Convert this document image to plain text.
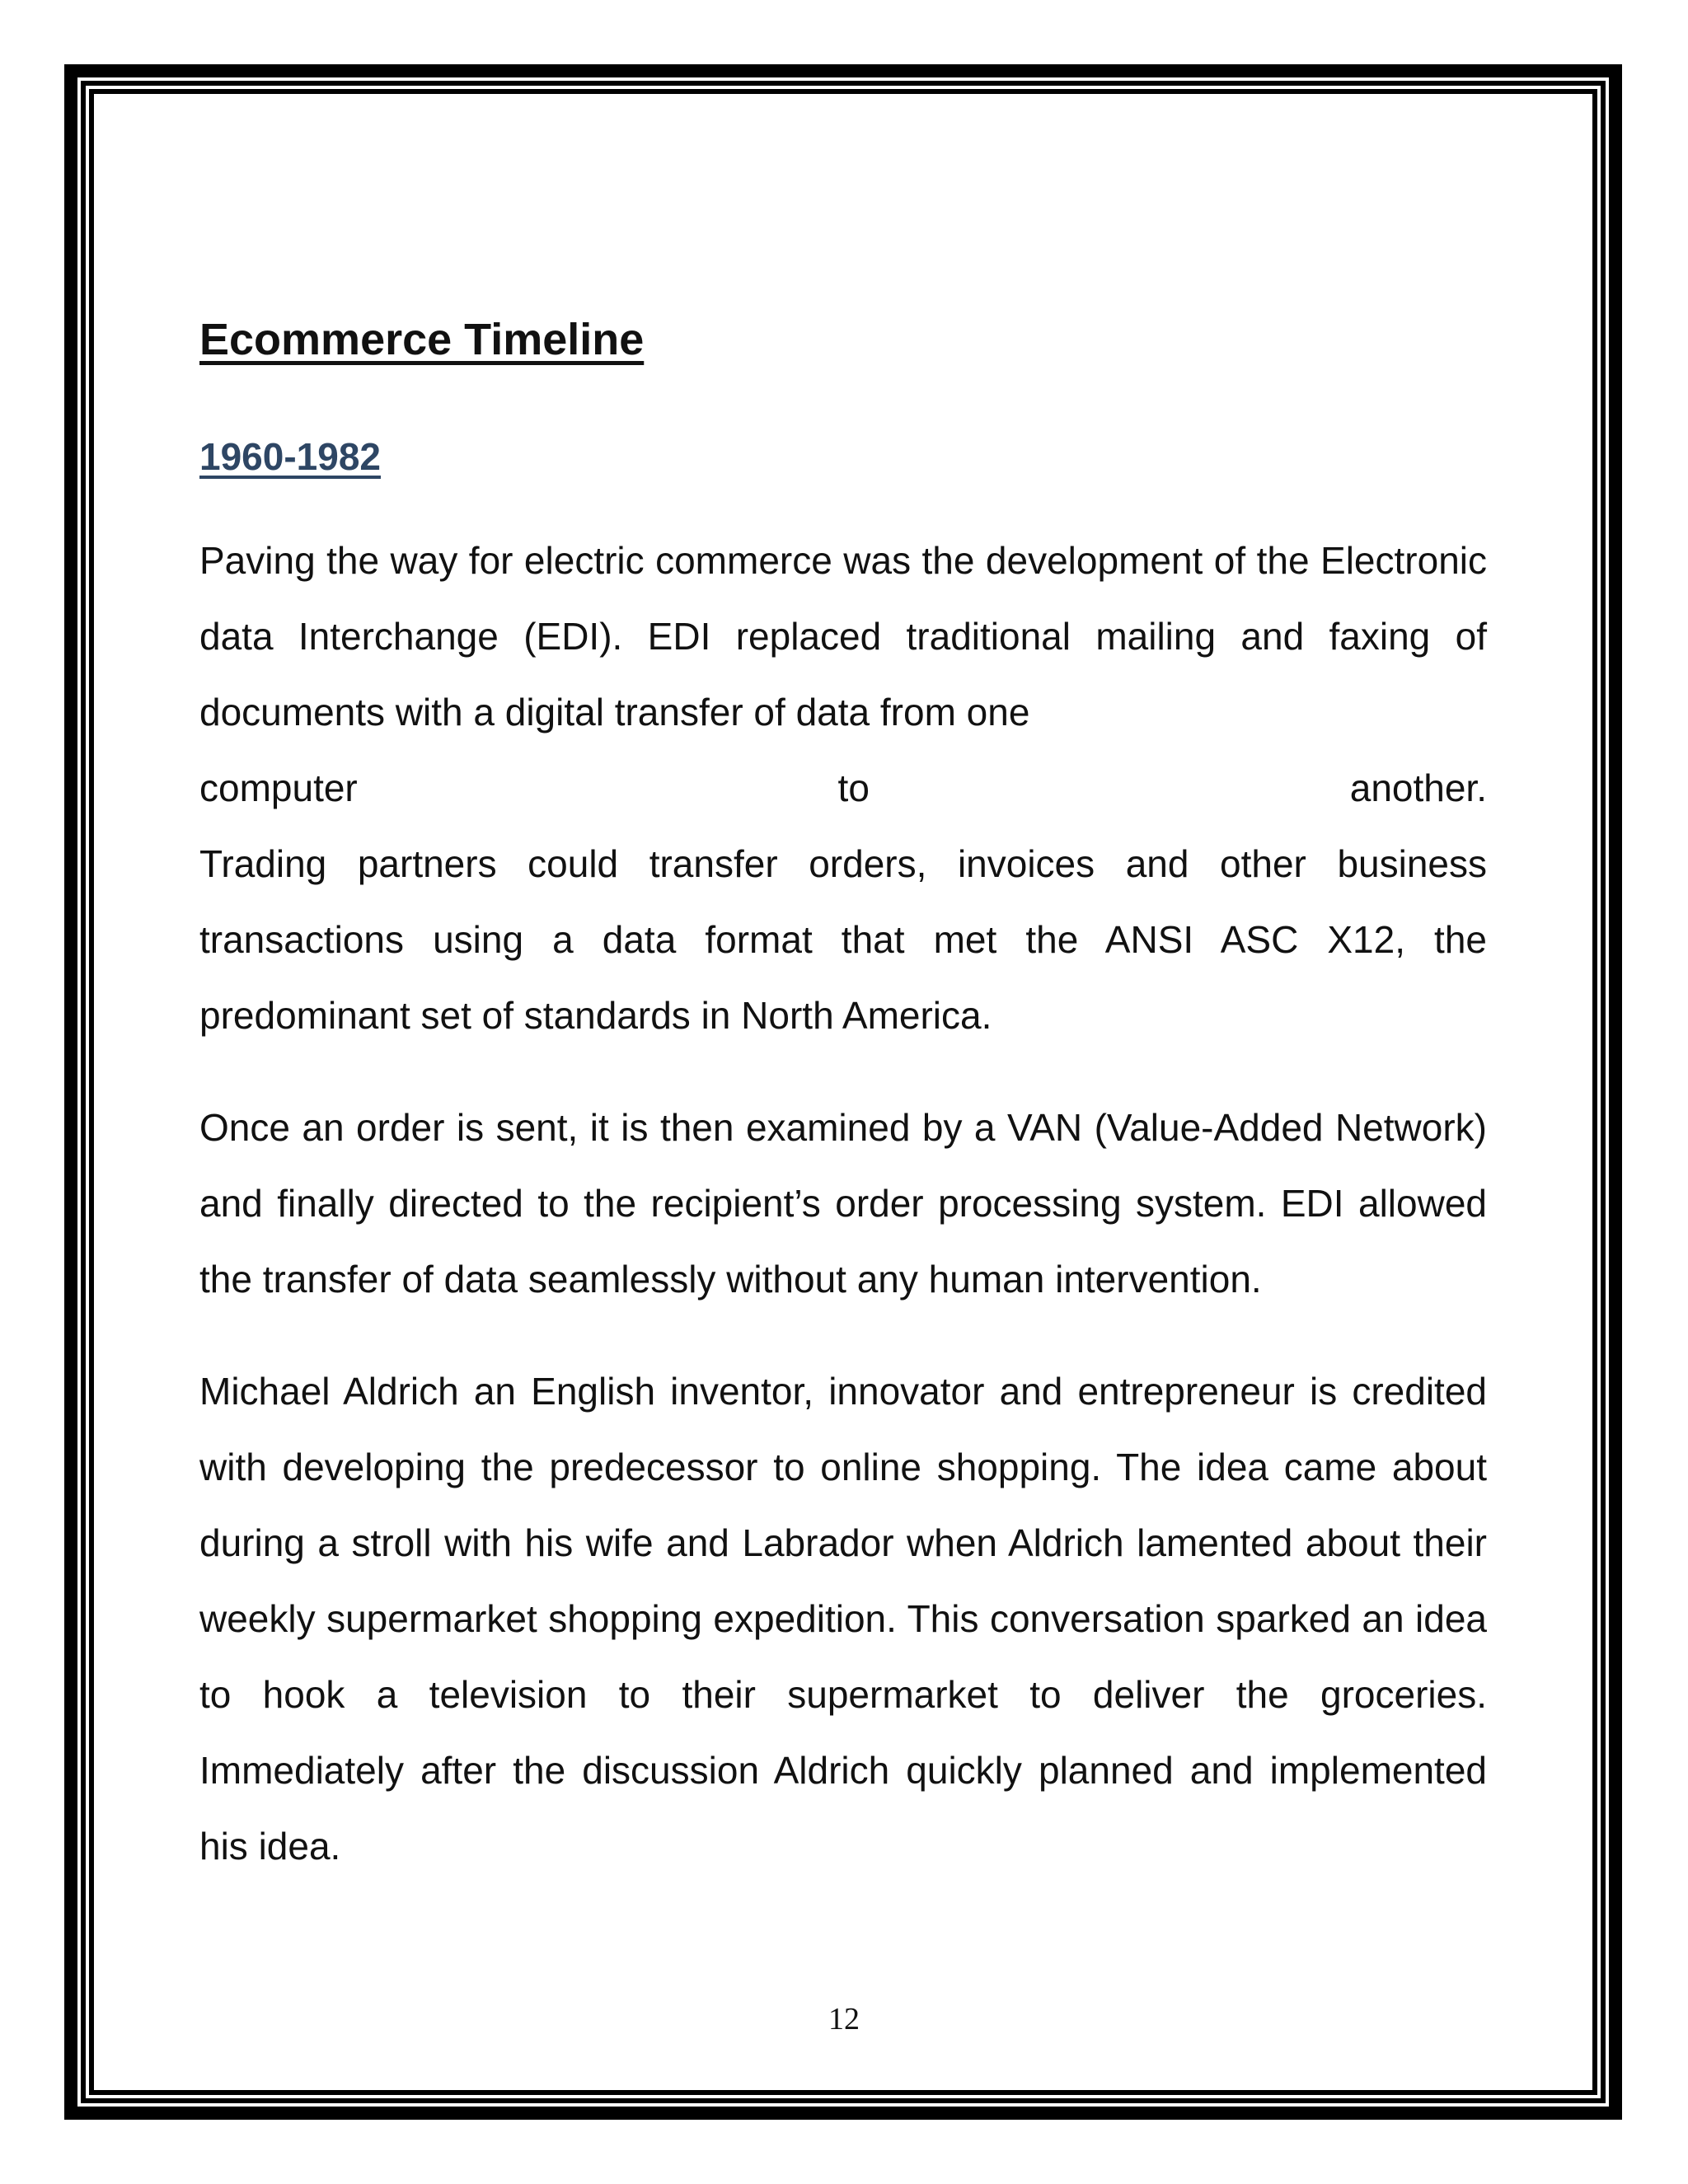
Ecommerce Timeline
1960-1982
Paving the way for electric commerce was the development of the Electronic data Interchange (EDI). EDI replaced traditional mailing and faxing of documents with a digital transfer of data from one
computer to another.
Trading partners could transfer orders, invoices and other business transactions using a data format that met the ANSI ASC X12, the predominant set of standards in North America.

Once an order is sent, it is then examined by a VAN (Value-Added Network) and finally directed to the recipient’s order processing system. EDI allowed the transfer of data seamlessly without any human intervention.

Michael Aldrich an English inventor, innovator and entrepreneur is credited with developing the predecessor to online shopping. The idea came about during a stroll with his wife and Labrador when Aldrich lamented about their weekly supermarket shopping expedition. This conversation sparked an idea to hook a television to their supermarket to deliver the groceries. Immediately after the discussion Aldrich quickly planned and implemented his idea.

12
